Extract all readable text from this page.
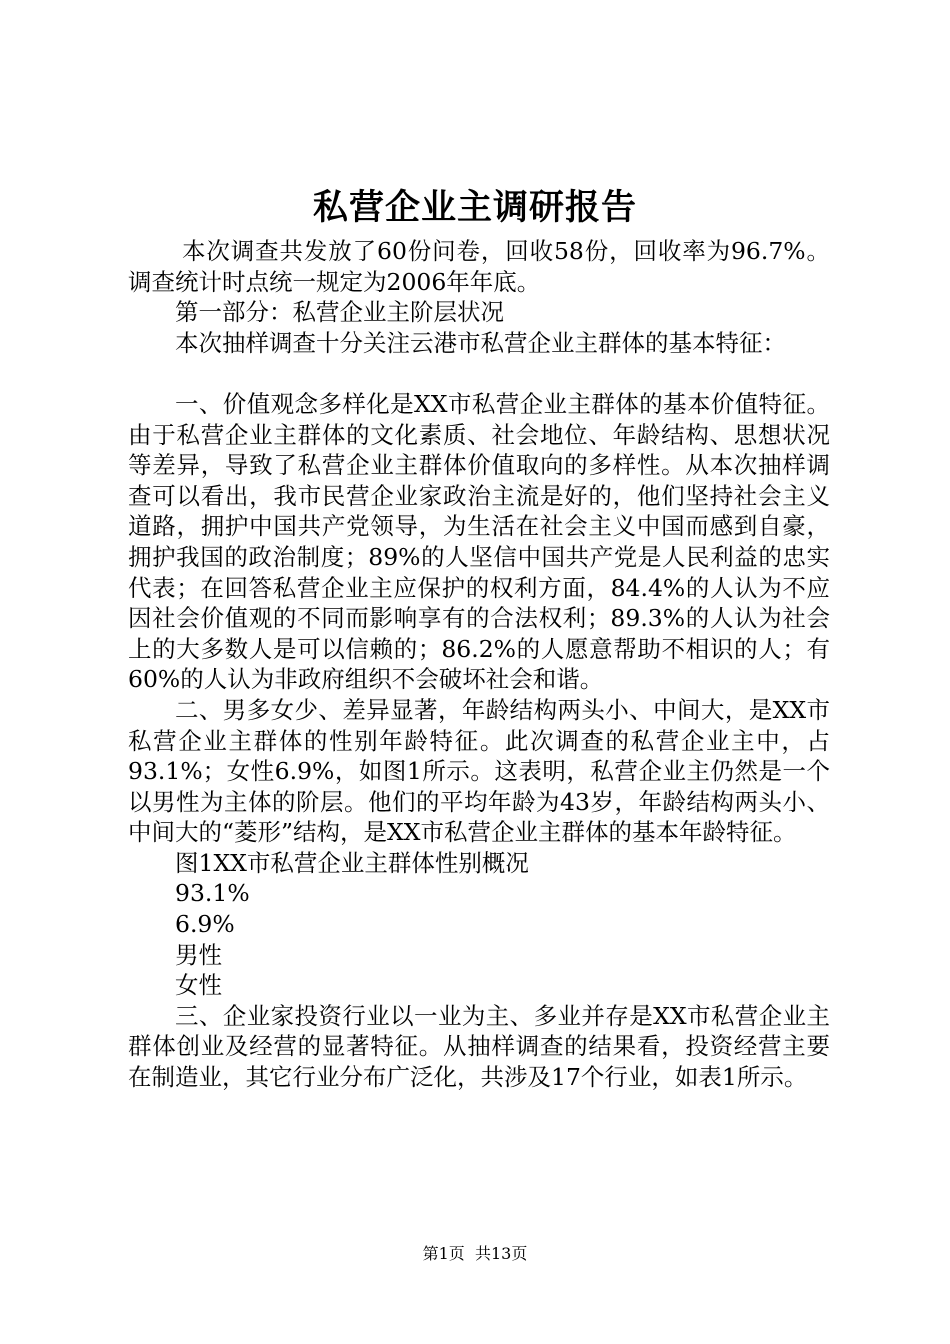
私营企业主调研报告

本次调查共发放了60份问卷，回收58份，回收率为96.7%。调查统计时点统一规定为2006年年底。

第一部分：私营企业主阶层状况

本次抽样调查十分关注云港市私营企业主群体的基本特征：

一、价值观念多样化是XX市私营企业主群体的基本价值特征。由于私营企业主群体的文化素质、社会地位、年龄结构、思想状况等差异，导致了私营企业主群体价值取向的多样性。从本次抽样调查可以看出，我市民营企业家政治主流是好的，他们坚持社会主义道路，拥护中国共产党领导，为生活在社会主义中国而感到自豪，拥护我国的政治制度；89%的人坚信中国共产党是人民利益的忠实代表；在回答私营企业主应保护的权利方面，84.4%的人认为不应因社会价值观的不同而影响享有的合法权利；89.3%的人认为社会上的大多数人是可以信赖的；86.2%的人愿意帮助不相识的人；有60%的人认为非政府组织不会破坏社会和谐。

二、男多女少、差异显著，年龄结构两头小、中间大，是XX市私营企业主群体的性别年龄特征。此次调查的私营企业主中，占93.1%；女性6.9%，如图1所示。这表明，私营企业主仍然是一个以男性为主体的阶层。他们的平均年龄为43岁，年龄结构两头小、中间大的“菱形”结构，是XX市私营企业主群体的基本年龄特征。

图1XX市私营企业主群体性别概况

93.1%

6.9%

男性

女性

三、企业家投资行业以一业为主、多业并存是XX市私营企业主群体创业及经营的显著特征。从抽样调查的结果看，投资经营主要在制造业，其它行业分布广泛化，共涉及17个行业，如表1所示。

第1页 共13页
